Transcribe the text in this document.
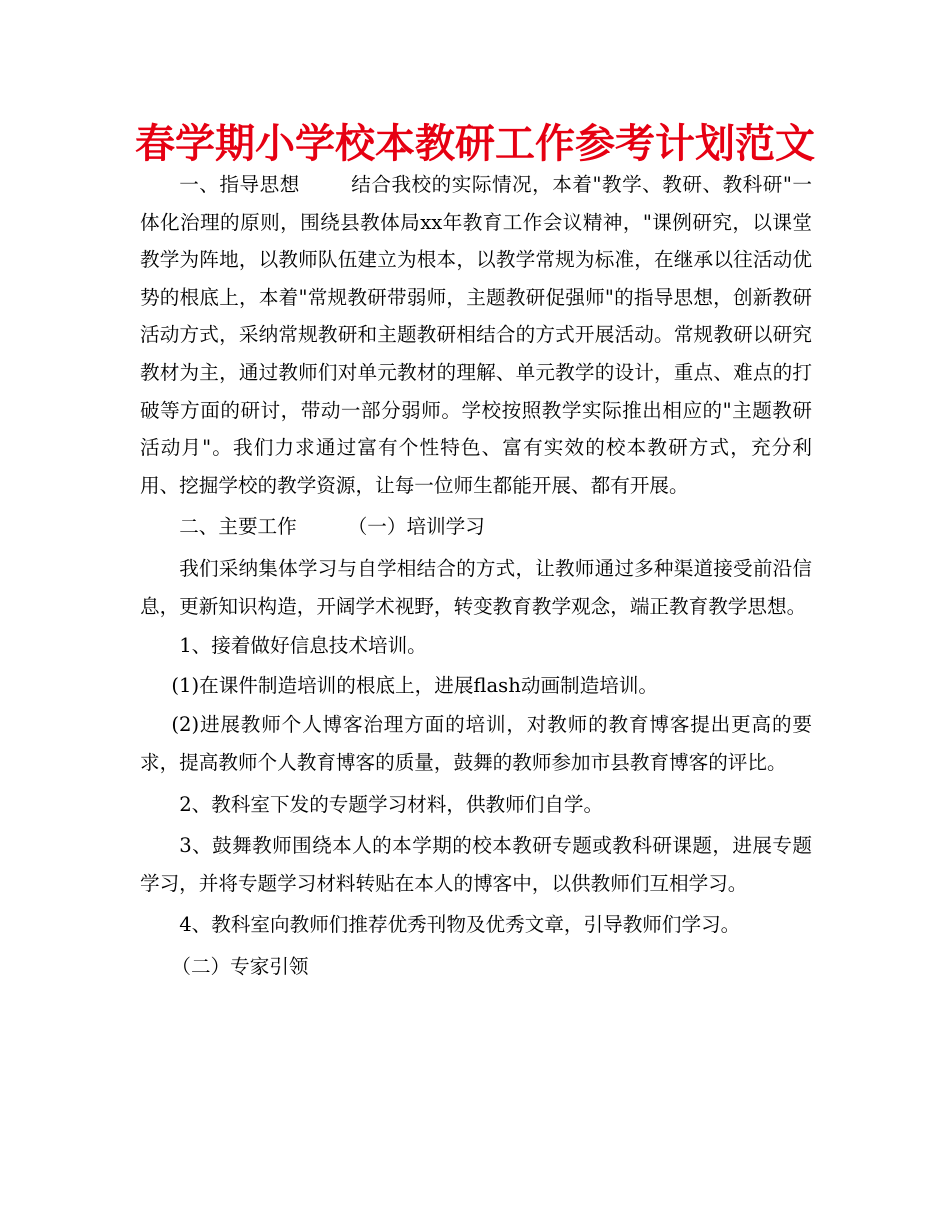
春学期小学校本教研工作参考计划范文

一、指导思想	结合我校的实际情况，本着"教学、教研、教科研"一体化治理的原则，围绕县教体局xx年教育工作会议精神，"课例研究，以课堂教学为阵地，以教师队伍建立为根本，以教学常规为标准，在继承以往活动优势的根底上，本着"常规教研带弱师，主题教研促强师"的指导思想，创新教研活动方式，采纳常规教研和主题教研相结合的方式开展活动。常规教研以研究教材为主，通过教师们对单元教材的理解、单元教学的设计，重点、难点的打破等方面的研讨，带动一部分弱师。学校按照教学实际推出相应的"主题教研活动月"。我们力求通过富有个性特色、富有实效的校本教研方式，充分利用、挖掘学校的教学资源，让每一位师生都能开展、都有开展。

二、主要工作	（一）培训学习

我们采纳集体学习与自学相结合的方式，让教师通过多种渠道接受前沿信息，更新知识构造，开阔学术视野，转变教育教学观念，端正教育教学思想。

1、接着做好信息技术培训。

(1)在课件制造培训的根底上，进展flash动画制造培训。

(2)进展教师个人博客治理方面的培训，对教师的教育博客提出更高的要求，提高教师个人教育博客的质量，鼓舞的教师参加市县教育博客的评比。

2、教科室下发的专题学习材料，供教师们自学。

3、鼓舞教师围绕本人的本学期的校本教研专题或教科研课题，进展专题学习，并将专题学习材料转贴在本人的博客中，以供教师们互相学习。

4、教科室向教师们推荐优秀刊物及优秀文章，引导教师们学习。

（二）专家引领
